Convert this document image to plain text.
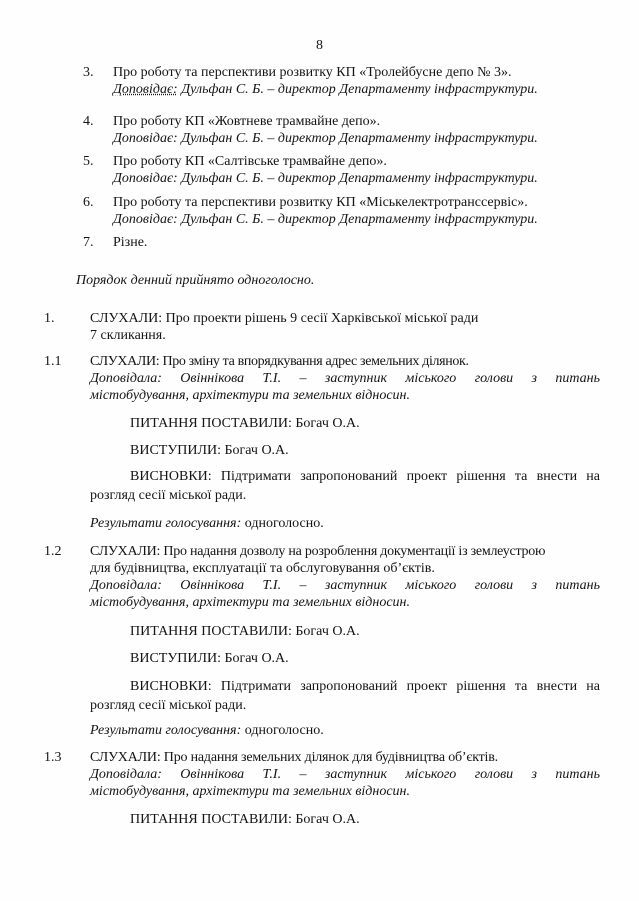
8
3. Про роботу та перспективи розвитку КП «Тролейбусне депо № 3».
Доповідає: Дульфан С. Б. – директор Департаменту інфраструктури.
4. Про роботу КП «Жовтневе трамвайне депо».
Доповідає: Дульфан С. Б. – директор Департаменту інфраструктури.
5. Про роботу КП «Салтівське трамвайне депо».
Доповідає: Дульфан С. Б. – директор Департаменту інфраструктури.
6. Про роботу та перспективи розвитку КП «Міськелектротранссервіс».
Доповідає: Дульфан С. Б. – директор Департаменту інфраструктури.
7. Різне.
Порядок денний прийнято одноголосно.
1.	СЛУХАЛИ: Про проекти рішень 9 сесії Харківської міської ради
7 скликання.
1.1 СЛУХАЛИ: Про зміну та впорядкування адрес земельних ділянок.
Доповідала: Овіннікова Т.І. – заступник міського голови з питань
містобудування, архітектури та земельних відносин.
ПИТАННЯ ПОСТАВИЛИ: Богач О.А.
ВИСТУПИЛИ: Богач О.А.
ВИСНОВКИ: Підтримати запропонований проект рішення та внести на
розгляд сесії міської ради.
Результати голосування: одноголосно.
1.2 СЛУХАЛИ: Про надання дозволу на розроблення документації із землеустрою
для будівництва, експлуатації та обслуговування об’єктів.
Доповідала: Овіннікова Т.І. – заступник міського голови з питань
містобудування, архітектури та земельних відносин.
ПИТАННЯ ПОСТАВИЛИ: Богач О.А.
ВИСТУПИЛИ: Богач О.А.
ВИСНОВКИ: Підтримати запропонований проект рішення та внести на
розгляд сесії міської ради.
Результати голосування: одноголосно.
1.3 СЛУХАЛИ: Про надання земельних ділянок для будівництва об’єктів.
Доповідала: Овіннікова Т.І. – заступник міського голови з питань
містобудування, архітектури та земельних відносин.
ПИТАННЯ ПОСТАВИЛИ: Богач О.А.
